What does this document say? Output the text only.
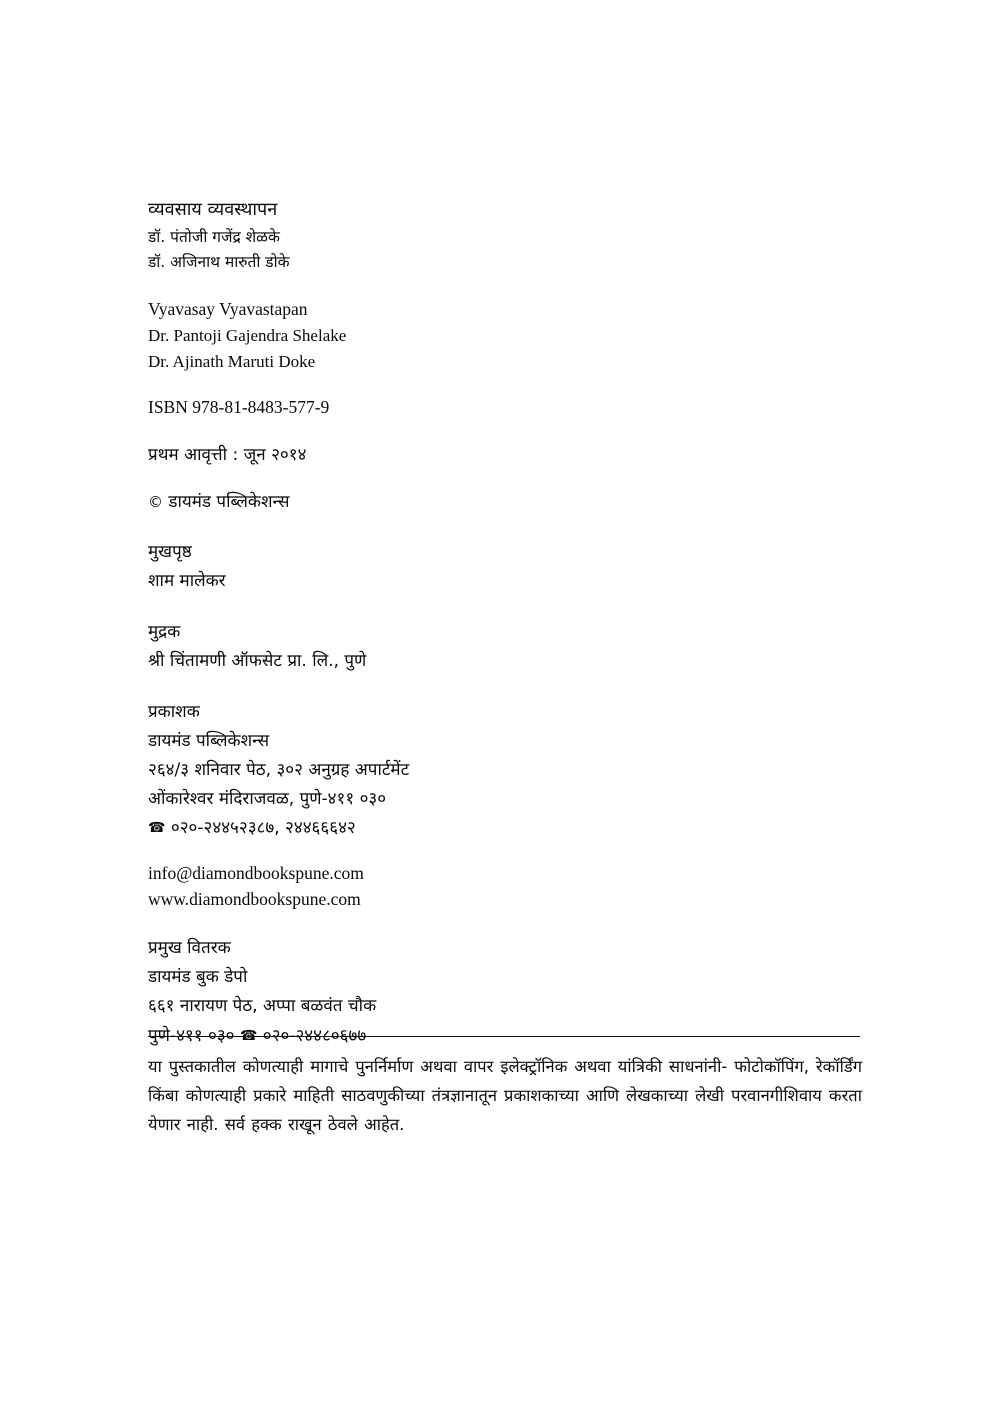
व्यवसाय व्यवस्थापन
डॉ. पंतोजी गजेंद्र शेळके
डॉ. अजिनाथ मारुती डोके
Vyavasay Vyavastapan
Dr. Pantoji Gajendra Shelake
Dr. Ajinath Maruti Doke
ISBN 978-81-8483-577-9
प्रथम आवृत्ती : जून २०१४
© डायमंड पब्लिकेशन्स
मुखपृष्ठ
शाम मालेकर
मुद्रक
श्री चिंतामणी ऑफसेट प्रा. लि., पुणे
प्रकाशक
डायमंड पब्लिकेशन्स
२६४/३ शनिवार पेठ, ३०२ अनुग्रह अपार्टमेंट
ओंकारेश्वर मंदिराजवळ, पुणे-४११ ०३०
☎ ०२०-२४४५२३८७, २४४६६६४२
info@diamondbookspune.com
www.diamondbookspune.com
प्रमुख वितरक
डायमंड बुक डेपो
६६१ नारायण पेठ, अप्पा बळवंत चौक
पुणे-४११ ०३० ☎ ०२०-२४४८०६७७
या पुस्तकातील कोणत्याही मागाचे पुनर्निर्माण अथवा वापर इलेक्ट्रॉनिक अथवा यांत्रिकी साधनांनी- फोटोकॉपिंग, रेकॉर्डिंग किंबा कोणत्याही प्रकारे माहिती साठवणुकीच्या तंत्रज्ञानातून प्रकाशकाच्या आणि लेखकाच्या लेखी परवानगीशिवाय करता येणार नाही. सर्व हक्क राखून ठेवले आहेत.
